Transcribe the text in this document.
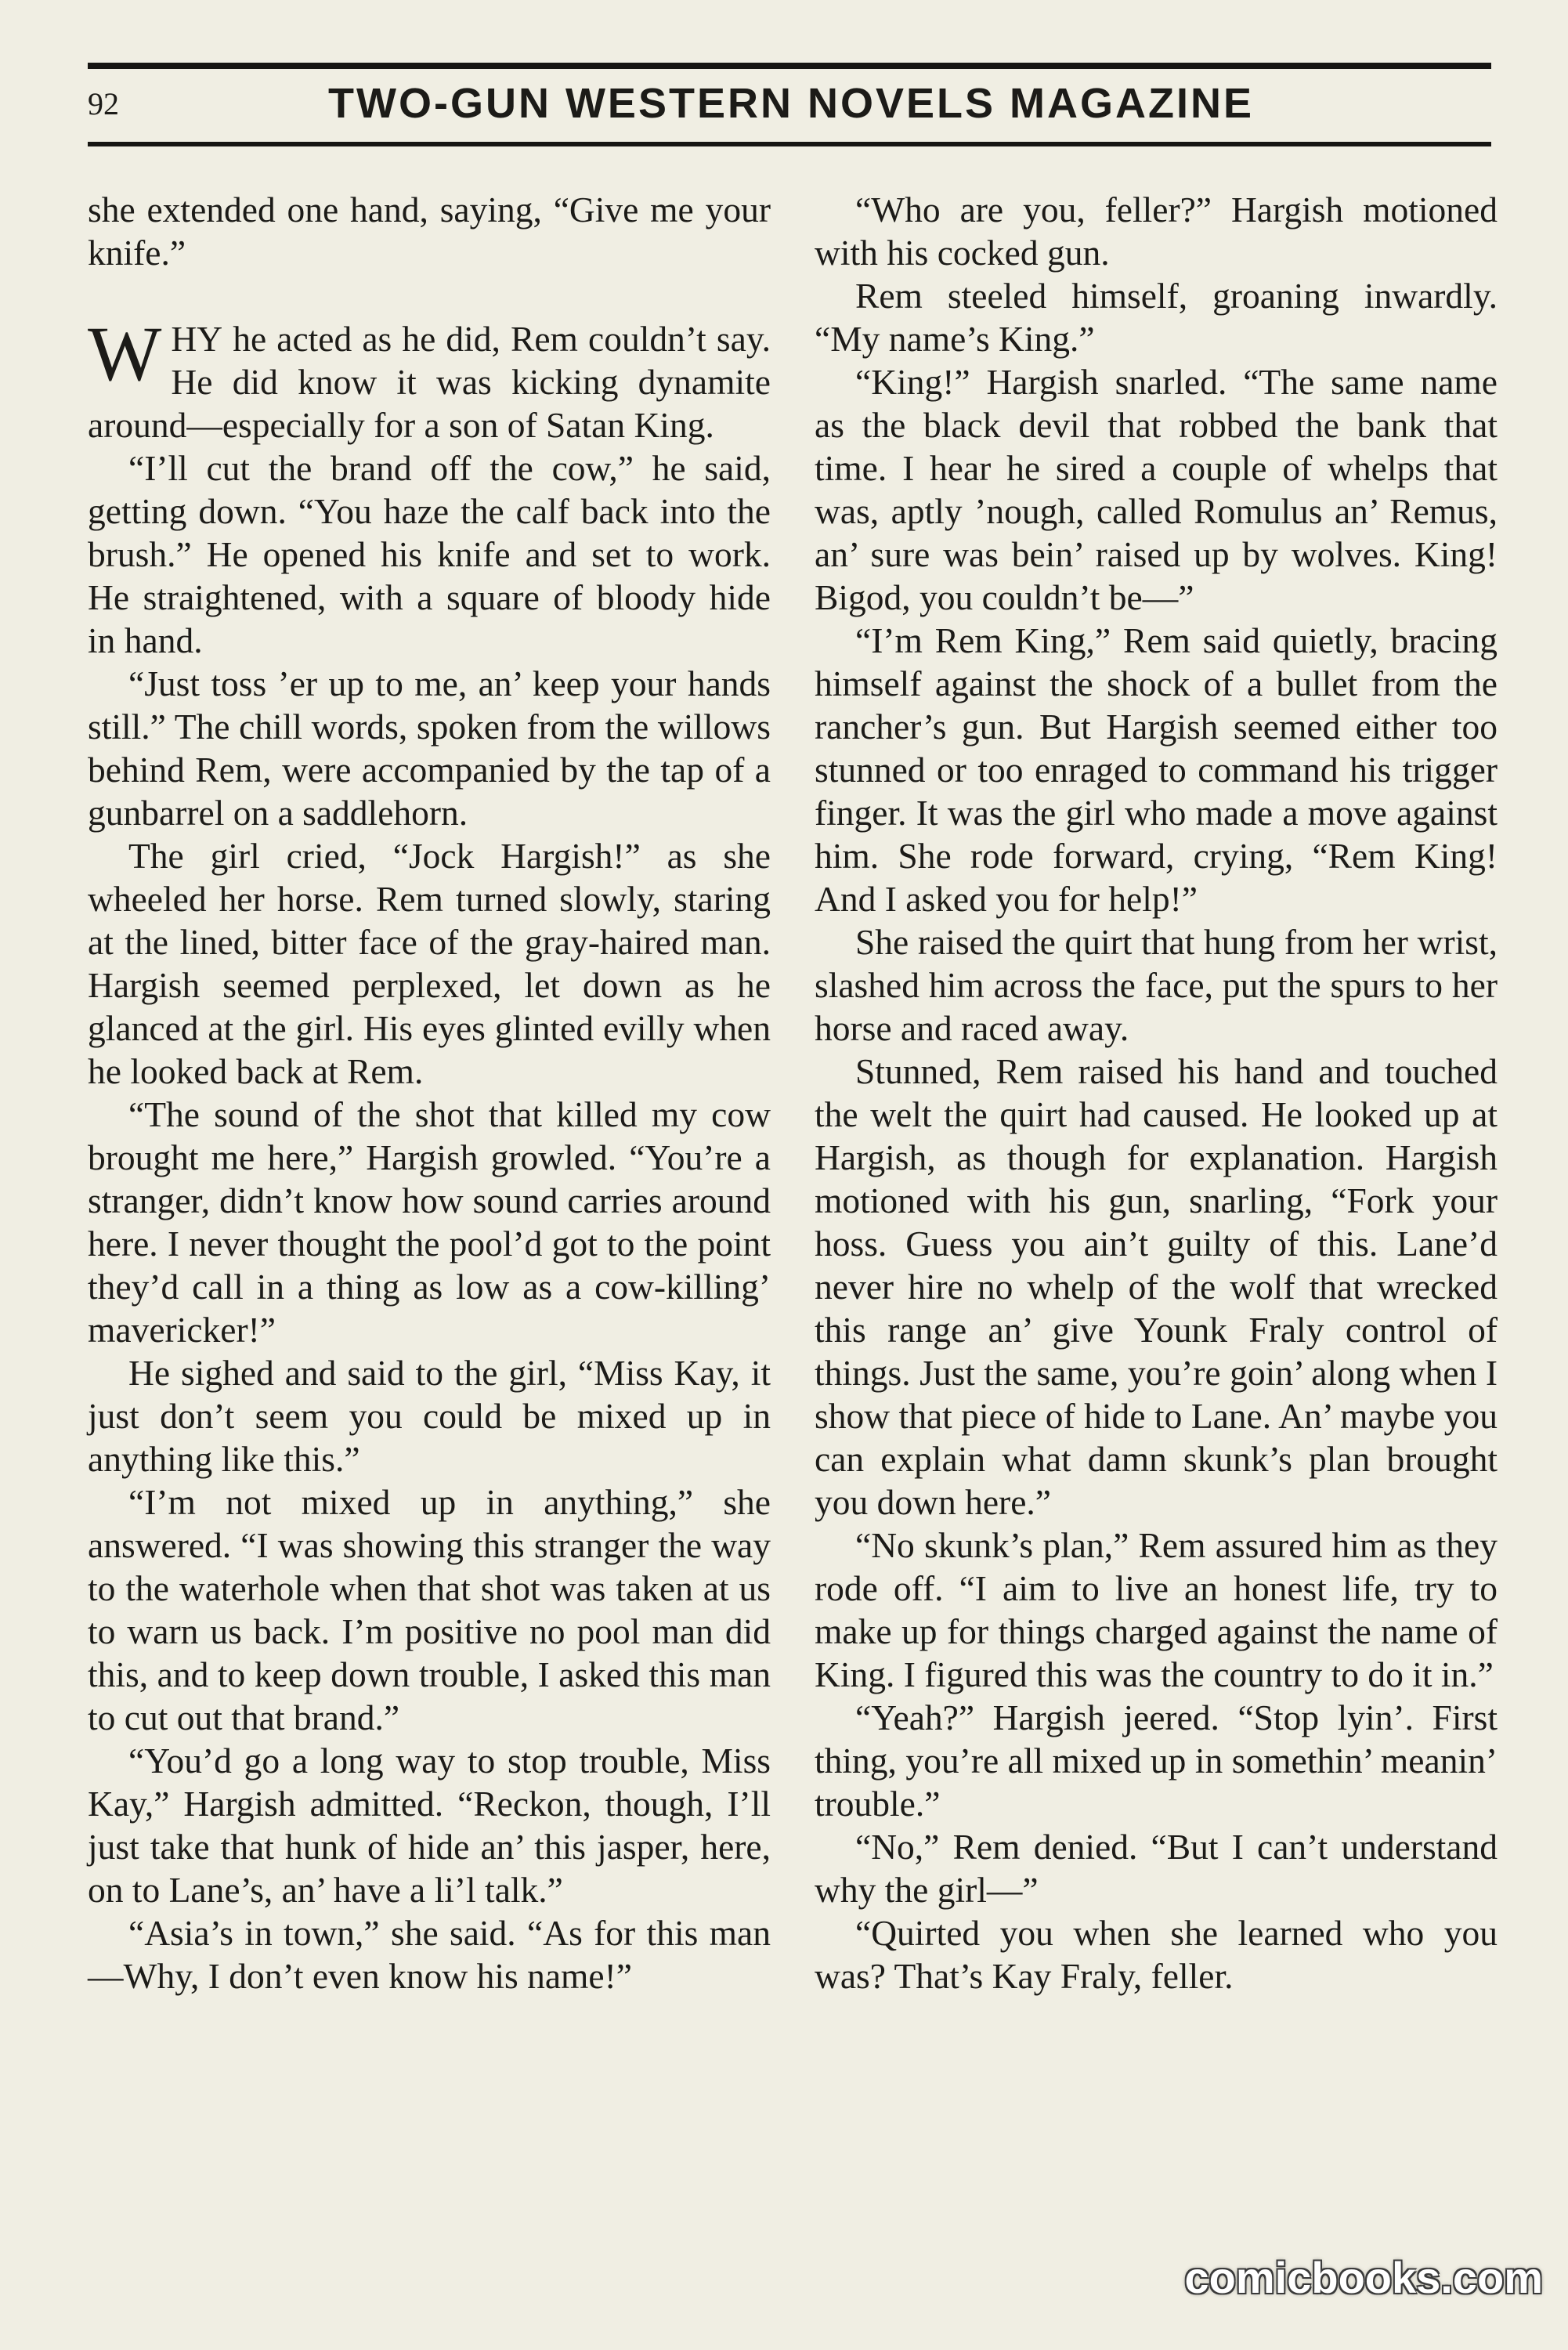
92	TWO-GUN WESTERN NOVELS MAGAZINE

she extended one hand, saying, “Give me your knife.”

WHY he acted as he did, Rem couldn’t say. He did know it was kicking dynamite around—especially for a son of Satan King.

“I’ll cut the brand off the cow,” he said, getting down. “You haze the calf back into the brush.” He opened his knife and set to work. He straightened, with a square of bloody hide in hand.

“Just toss ’er up to me, an’ keep your hands still.” The chill words, spoken from the willows behind Rem, were accompanied by the tap of a gunbarrel on a saddlehorn.

The girl cried, “Jock Hargish!” as she wheeled her horse. Rem turned slowly, staring at the lined, bitter face of the gray-haired man. Hargish seemed perplexed, let down as he glanced at the girl. His eyes glinted evilly when he looked back at Rem.

“The sound of the shot that killed my cow brought me here,” Hargish growled. “You’re a stranger, didn’t know how sound carries around here. I never thought the pool’d got to the point they’d call in a thing as low as a cow-killing’ mavericker!”

He sighed and said to the girl, “Miss Kay, it just don’t seem you could be mixed up in anything like this.”

“I’m not mixed up in anything,” she answered. “I was showing this stranger the way to the waterhole when that shot was taken at us to warn us back. I’m positive no pool man did this, and to keep down trouble, I asked this man to cut out that brand.”

“You’d go a long way to stop trouble, Miss Kay,” Hargish admitted. “Reckon, though, I’ll just take that hunk of hide an’ this jasper, here, on to Lane’s, an’ have a li’l talk.”

“Asia’s in town,” she said. “As for this man—Why, I don’t even know his name!”

“Who are you, feller?” Hargish motioned with his cocked gun.

Rem steeled himself, groaning inwardly. “My name’s King.”

“King!” Hargish snarled. “The same name as the black devil that robbed the bank that time. I hear he sired a couple of whelps that was, aptly ’nough, called Romulus an’ Remus, an’ sure was bein’ raised up by wolves. King! Bigod, you couldn’t be—”

“I’m Rem King,” Rem said quietly, bracing himself against the shock of a bullet from the rancher’s gun. But Hargish seemed either too stunned or too enraged to command his trigger finger. It was the girl who made a move against him. She rode forward, crying, “Rem King! And I asked you for help!”

She raised the quirt that hung from her wrist, slashed him across the face, put the spurs to her horse and raced away.

Stunned, Rem raised his hand and touched the welt the quirt had caused. He looked up at Hargish, as though for explanation. Hargish motioned with his gun, snarling, “Fork your hoss. Guess you ain’t guilty of this. Lane’d never hire no whelp of the wolf that wrecked this range an’ give Younk Fraly control of things. Just the same, you’re goin’ along when I show that piece of hide to Lane. An’ maybe you can explain what damn skunk’s plan brought you down here.”

“No skunk’s plan,” Rem assured him as they rode off. “I aim to live an honest life, try to make up for things charged against the name of King. I figured this was the country to do it in.”

“Yeah?” Hargish jeered. “Stop lyin’. First thing, you’re all mixed up in somethin’ meanin’ trouble.”

“No,” Rem denied. “But I can’t understand why the girl—”

“Quirted you when she learned who you was? That’s Kay Fraly, feller.

comicbooks.com
